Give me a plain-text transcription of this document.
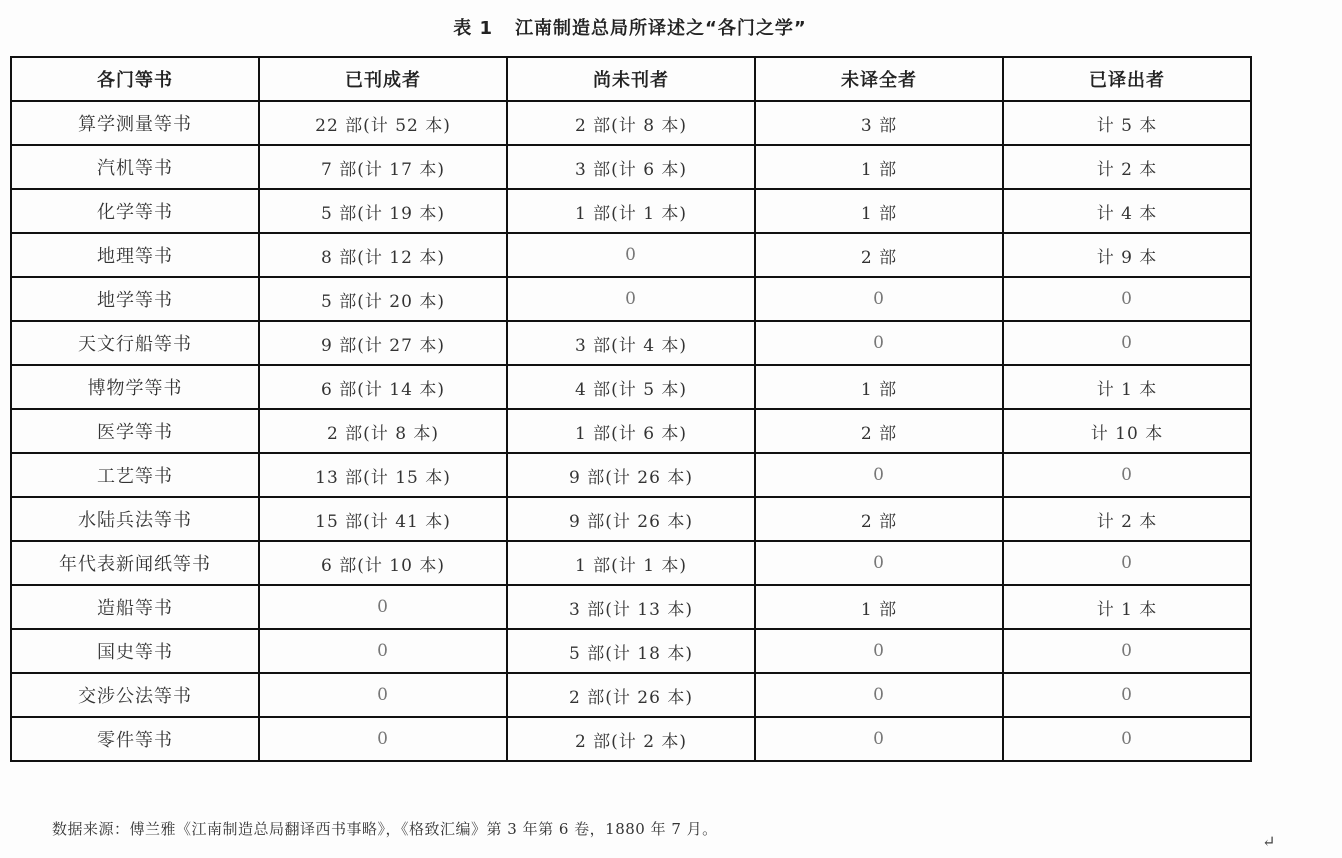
表 1 江南制造总局所译述之“各门之学”
各门等书	已刊成者	尚未刊者	未译全者	已译出者
算学测量等书	22 部(计 52 本)	2 部(计 8 本)	3 部	计 5 本
汽机等书	7 部(计 17 本)	3 部(计 6 本)	1 部	计 2 本
化学等书	5 部(计 19 本)	1 部(计 1 本)	1 部	计 4 本
地理等书	8 部(计 12 本)	0	2 部	计 9 本
地学等书	5 部(计 20 本)	0	0	0
天文行船等书	9 部(计 27 本)	3 部(计 4 本)	0	0
博物学等书	6 部(计 14 本)	4 部(计 5 本)	1 部	计 1 本
医学等书	2 部(计 8 本)	1 部(计 6 本)	2 部	计 10 本
工艺等书	13 部(计 15 本)	9 部(计 26 本)	0	0
水陆兵法等书	15 部(计 41 本)	9 部(计 26 本)	2 部	计 2 本
年代表新闻纸等书	6 部(计 10 本)	1 部(计 1 本)	0	0
造船等书	0	3 部(计 13 本)	1 部	计 1 本
国史等书	0	5 部(计 18 本)	0	0
交涉公法等书	0	2 部(计 26 本)	0	0
零件等书	0	2 部(计 2 本)	0	0
数据来源：傅兰雅《江南制造总局翻译西书事略》，《格致汇编》第 3 年第 6 卷，1880 年 7 月。
↵
